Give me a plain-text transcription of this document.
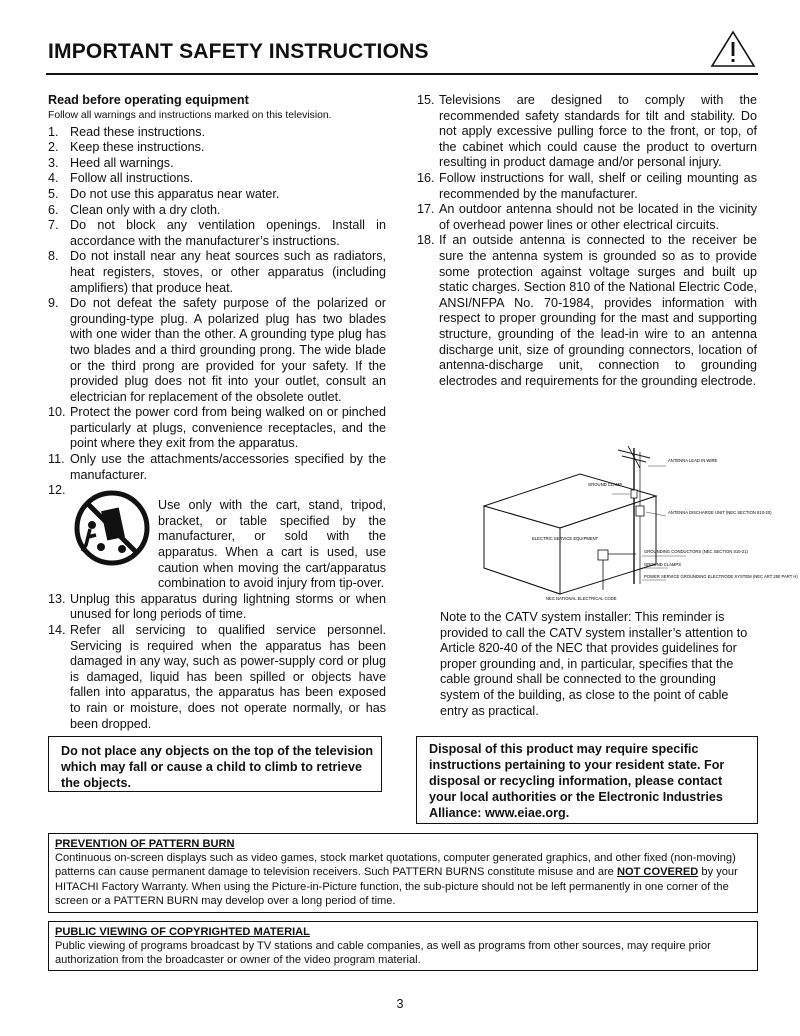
IMPORTANT SAFETY INSTRUCTIONS
Read before operating equipment
Follow all warnings and instructions marked on this television.
1. Read these instructions.
2. Keep these instructions.
3. Heed all warnings.
4. Follow all instructions.
5. Do not use this apparatus near water.
6. Clean only with a dry cloth.
7. Do not block any ventilation openings. Install in accordance with the manufacturer’s instructions.
8. Do not install near any heat sources such as radiators, heat registers, stoves, or other apparatus (including amplifiers) that produce heat.
9. Do not defeat the safety purpose of the polarized or grounding-type plug. A polarized plug has two blades with one wider than the other. A grounding type plug has two blades and a third grounding prong. The wide blade or the third prong are provided for your safety. If the provided plug does not fit into your outlet, consult an electrician for replacement of the obsolete outlet.
10. Protect the power cord from being walked on or pinched particularly at plugs, convenience receptacles, and the point where they exit from the apparatus.
11. Only use the attachments/accessories specified by the manufacturer.
12.
Use only with the cart, stand, tripod, bracket, or table specified by the manufacturer, or sold with the apparatus. When a cart is used, use caution when moving the cart/apparatus combination to avoid injury from tip-over.
13. Unplug this apparatus during lightning storms or when unused for long periods of time.
14. Refer all servicing to qualified service personnel. Servicing is required when the apparatus has been damaged in any way, such as power-supply cord or plug is damaged, liquid has been spilled or objects have fallen into apparatus, the apparatus has been exposed to rain or moisture, does not operate normally, or has been dropped.
Do not place any objects on the top of the television which may fall or cause a child to climb to retrieve the objects.
15. Televisions are designed to comply with the recommended safety standards for tilt and stability. Do not apply excessive pulling force to the front, or top, of the cabinet which could cause the product to overturn resulting in product damage and/or personal injury.
16. Follow instructions for wall, shelf or ceiling mounting as recommended by the manufacturer.
17. An outdoor antenna should not be located in the vicinity of overhead power lines or other electrical circuits.
18. If an outside antenna is connected to the receiver be sure the antenna system is grounded so as to provide some protection against voltage surges and built up static charges. Section 810 of the National Electric Code, ANSI/NFPA No. 70-1984, provides information with respect to proper grounding for the mast and supporting structure, grounding of the lead-in wire to an antenna discharge unit, size of grounding connectors, location of antenna-discharge unit, connection to grounding electrodes and requirements for the grounding electrode.
ANTENNA LEAD IN WIRE
GROUND CLAMP
ANTENNA DISCHARGE UNIT (NEC SECTION 810-20)
ELECTRIC SERVICE EQUIPMENT
GROUNDING CONDUCTORS (NEC SECTION 810-21)
GROUND CLAMPS
POWER SERVICE GROUNDING ELECTRODE SYSTEM (NEC ART 250 PART H)
NEC NATIONAL ELECTRICAL CODE
Note to the CATV system installer: This reminder is provided to call the CATV system installer’s attention to Article 820-40 of the NEC that provides guidelines for proper grounding and, in particular, specifies that the cable ground shall be connected to the grounding system of the building, as close to the point of cable entry as practical.
Disposal of this product may require specific instructions pertaining to your resident state. For disposal or recycling information, please contact your local authorities or the Electronic Industries Alliance: www.eiae.org.
PREVENTION OF PATTERN BURN
Continuous on-screen displays such as video games, stock market quotations, computer generated graphics, and other fixed (non-moving) patterns can cause permanent damage to television receivers. Such PATTERN BURNS constitute misuse and are NOT COVERED by your HITACHI Factory Warranty. When using the Picture-in-Picture function, the sub-picture should not be left permanently in one corner of the screen or a PATTERN BURN may develop over a long period of time.
PUBLIC VIEWING OF COPYRIGHTED MATERIAL
Public viewing of programs broadcast by TV stations and cable companies, as well as programs from other sources, may require prior authorization from the broadcaster or owner of the video program material.
3
